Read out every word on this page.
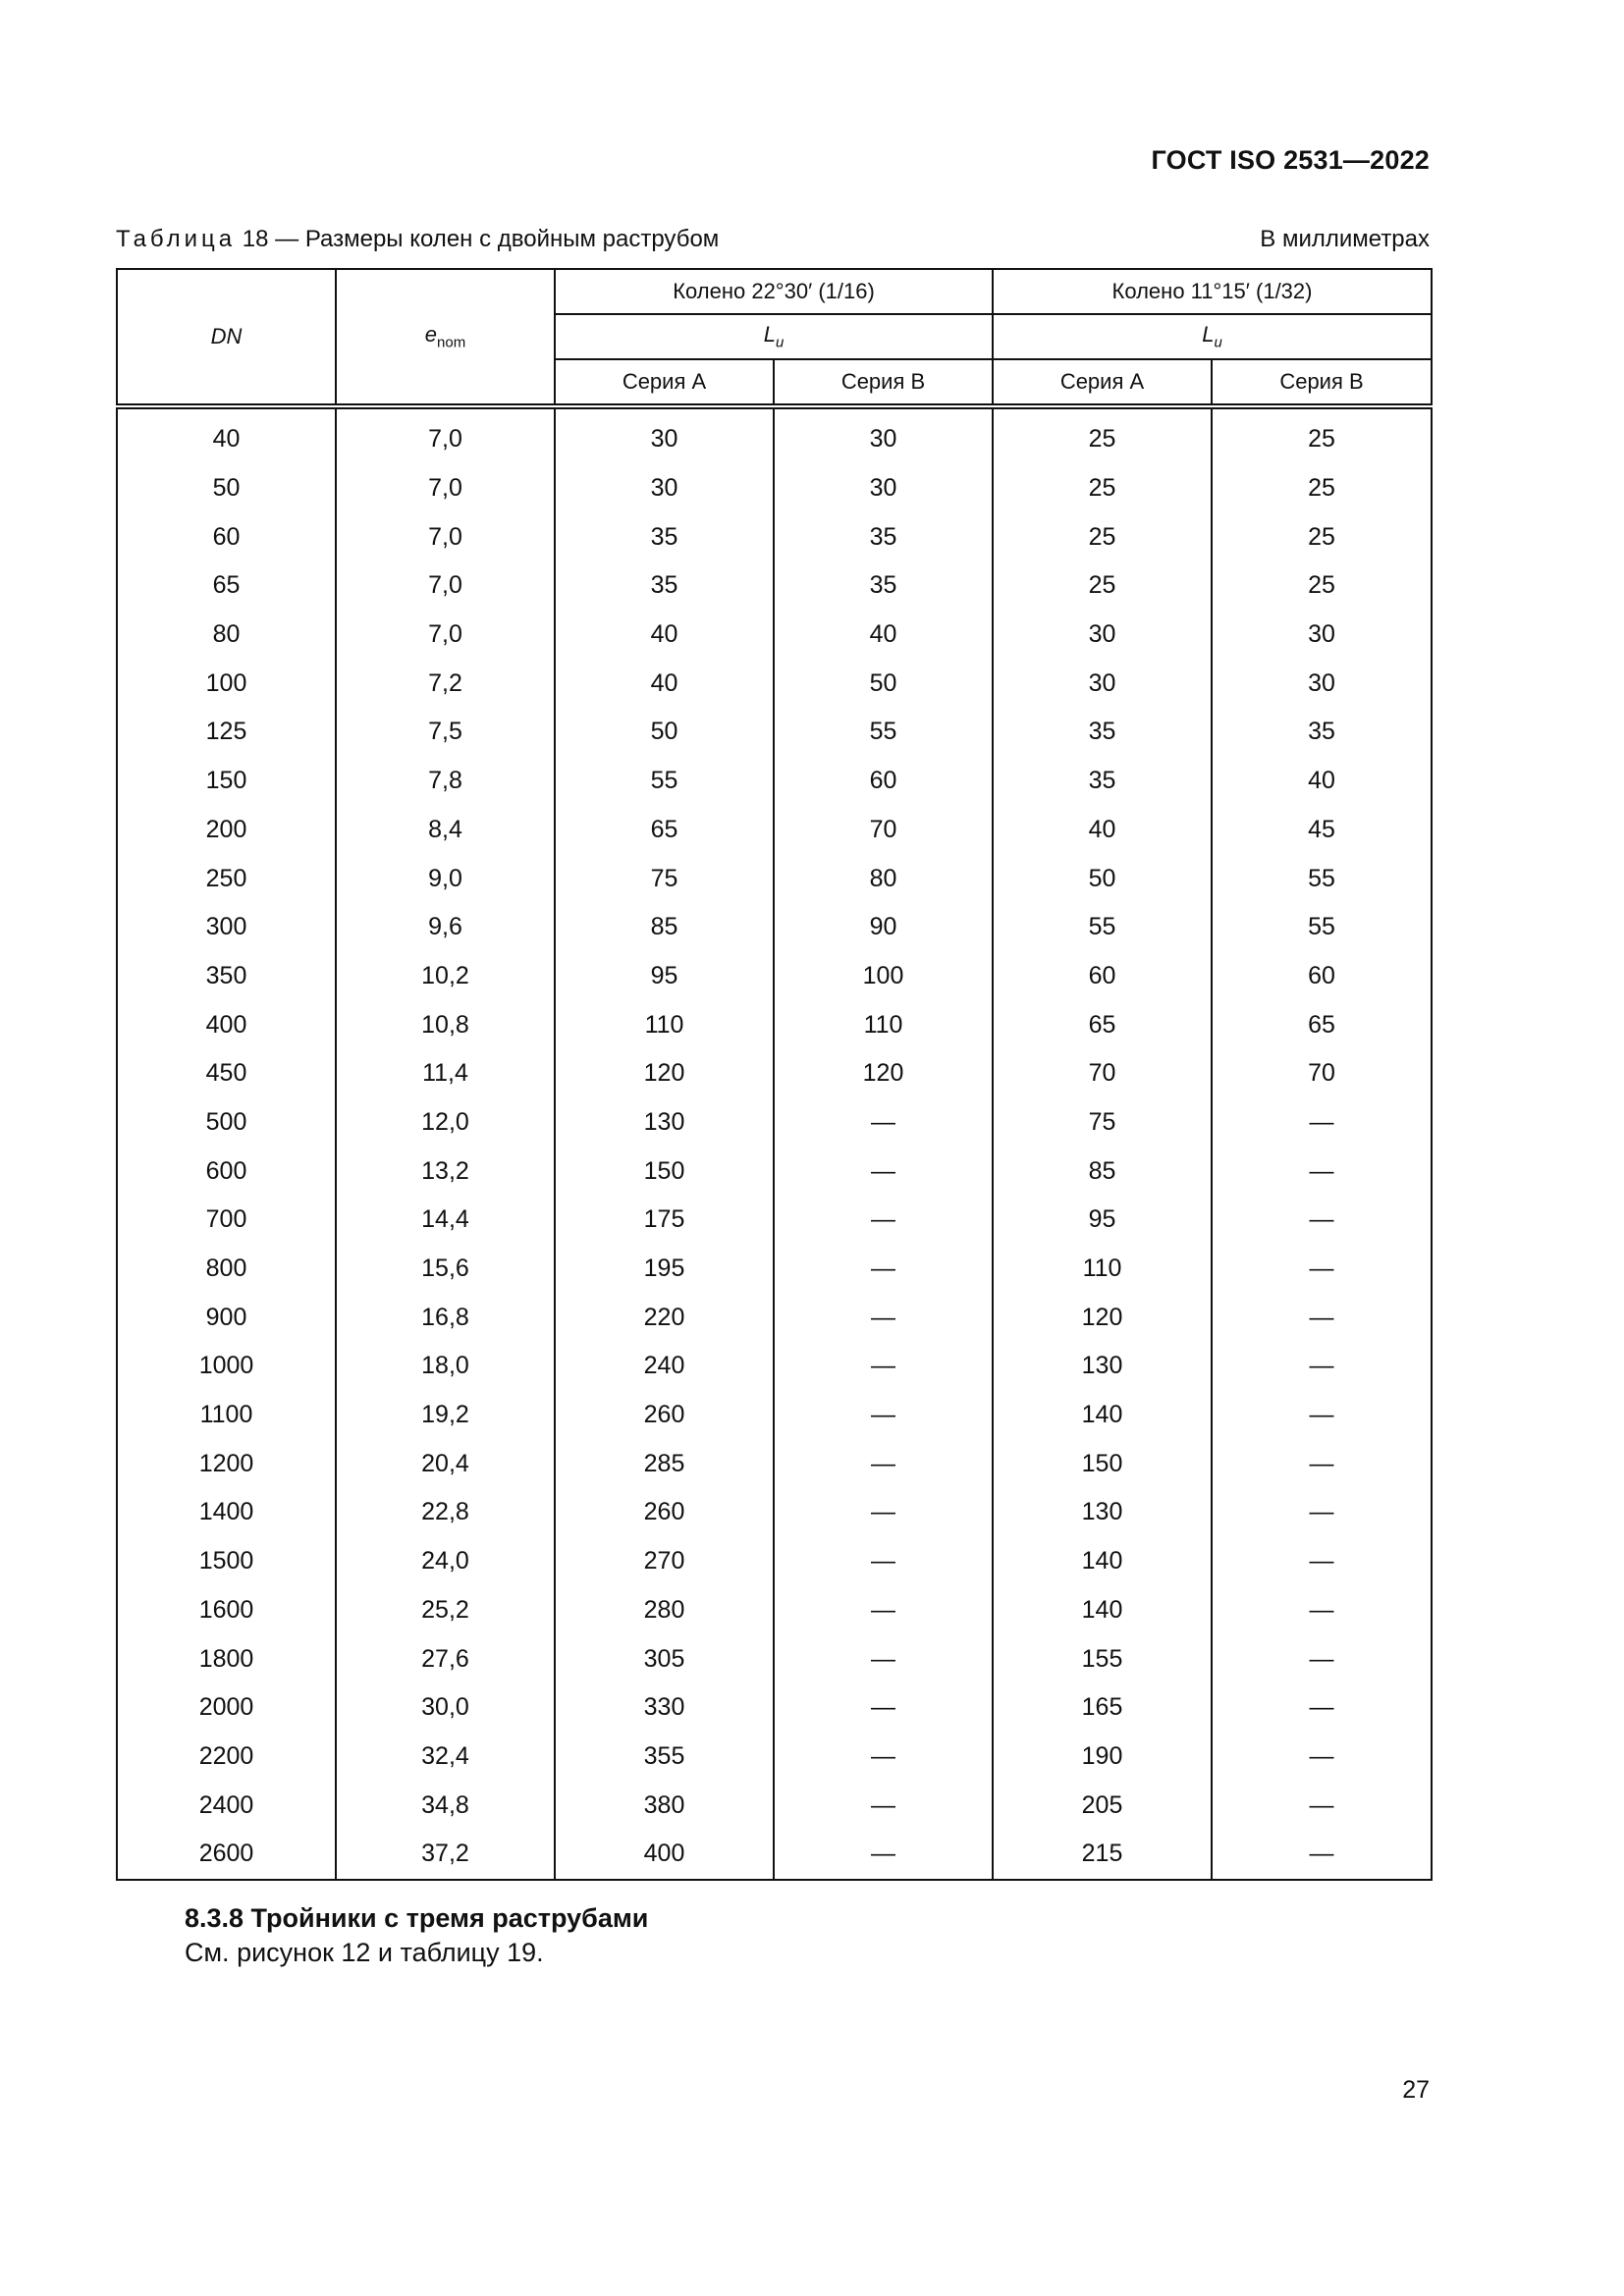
ГОСТ ISO 2531—2022
Таблица 18 — Размеры колен с двойным раструбом	В миллиметрах
DN	$e_{nom}$	Колено 22°30′ (1/16)		Колено 11°15′ (1/32)	
		$L_u$		$L_u$
		Серия А	Серия В	Серия А	Серия В
40	7,0	30	30	25	25
50	7,0	30	30	25	25
60	7,0	35	35	25	25
65	7,0	35	35	25	25
80	7,0	40	40	30	30
100	7,2	40	50	30	30
125	7,5	50	55	35	35
150	7,8	55	60	35	40
200	8,4	65	70	40	45
250	9,0	75	80	50	55
300	9,6	85	90	55	55
350	10,2	95	100	60	60
400	10,8	110	110	65	65
450	11,4	120	120	70	70
500	12,0	130	—	75	—
600	13,2	150	—	85	—
700	14,4	175	—	95	—
800	15,6	195	—	110	—
900	16,8	220	—	120	—
1000	18,0	240	—	130	—
1100	19,2	260	—	140	—
1200	20,4	285	—	150	—
1400	22,8	260	—	130	—
1500	24,0	270	—	140	—
1600	25,2	280	—	140	—
1800	27,6	305	—	155	—
2000	30,0	330	—	165	—
2200	32,4	355	—	190	—
2400	34,8	380	—	205	—
2600	37,2	400	—	215	—
8.3.8 Тройники с тремя раструбами
См. рисунок 12 и таблицу 19.
27
